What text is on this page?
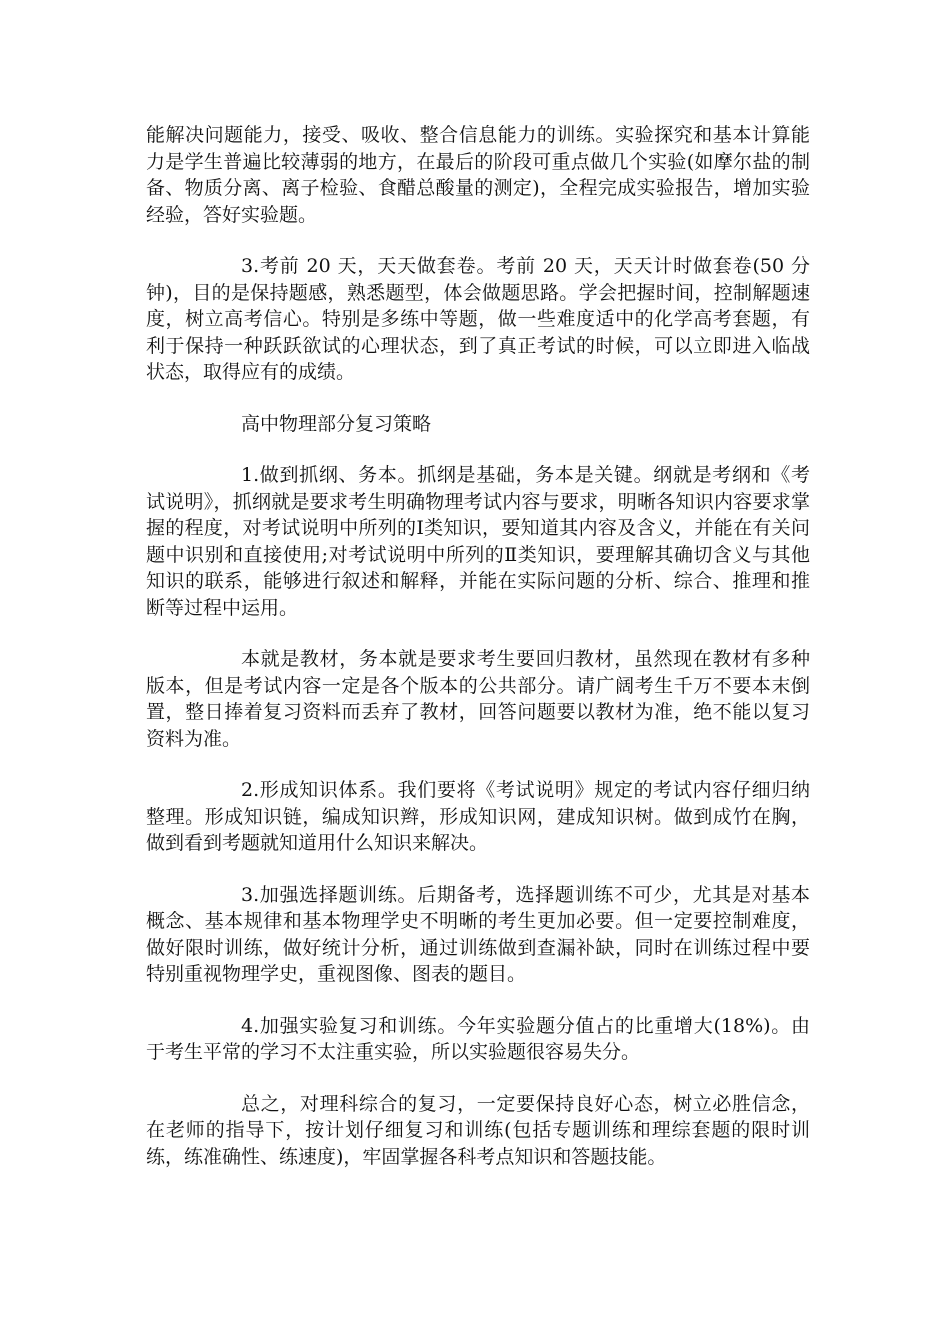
能解决问题能力，接受、吸收、整合信息能力的训练。实验探究和基本计算能力是学生普遍比较薄弱的地方，在最后的阶段可重点做几个实验(如摩尔盐的制备、物质分离、离子检验、食醋总酸量的测定)，全程完成实验报告，增加实验经验，答好实验题。

3.考前 20 天，天天做套卷。考前 20 天，天天计时做套卷(50 分钟)，目的是保持题感，熟悉题型，体会做题思路。学会把握时间，控制解题速度，树立高考信心。特别是多练中等题，做一些难度适中的化学高考套题，有利于保持一种跃跃欲试的心理状态，到了真正考试的时候，可以立即进入临战状态，取得应有的成绩。

高中物理部分复习策略

1.做到抓纲、务本。抓纲是基础，务本是关键。纲就是考纲和《考试说明》，抓纲就是要求考生明确物理考试内容与要求，明晰各知识内容要求掌握的程度，对考试说明中所列的Ⅰ类知识，要知道其内容及含义，并能在有关问题中识别和直接使用;对考试说明中所列的Ⅱ类知识，要理解其确切含义与其他知识的联系，能够进行叙述和解释，并能在实际问题的分析、综合、推理和推断等过程中运用。

本就是教材，务本就是要求考生要回归教材，虽然现在教材有多种版本，但是考试内容一定是各个版本的公共部分。请广阔考生千万不要本末倒置，整日捧着复习资料而丢弃了教材，回答问题要以教材为准，绝不能以复习资料为准。

2.形成知识体系。我们要将《考试说明》规定的考试内容仔细归纳整理。形成知识链，编成知识辫，形成知识网，建成知识树。做到成竹在胸，做到看到考题就知道用什么知识来解决。

3.加强选择题训练。后期备考，选择题训练不可少，尤其是对基本概念、基本规律和基本物理学史不明晰的考生更加必要。但一定要控制难度，做好限时训练，做好统计分析，通过训练做到查漏补缺，同时在训练过程中要特别重视物理学史，重视图像、图表的题目。

4.加强实验复习和训练。今年实验题分值占的比重增大(18%)。由于考生平常的学习不太注重实验，所以实验题很容易失分。

总之，对理科综合的复习，一定要保持良好心态，树立必胜信念，在老师的指导下，按计划仔细复习和训练(包括专题训练和理综套题的限时训练，练准确性、练速度)，牢固掌握各科考点知识和答题技能。
